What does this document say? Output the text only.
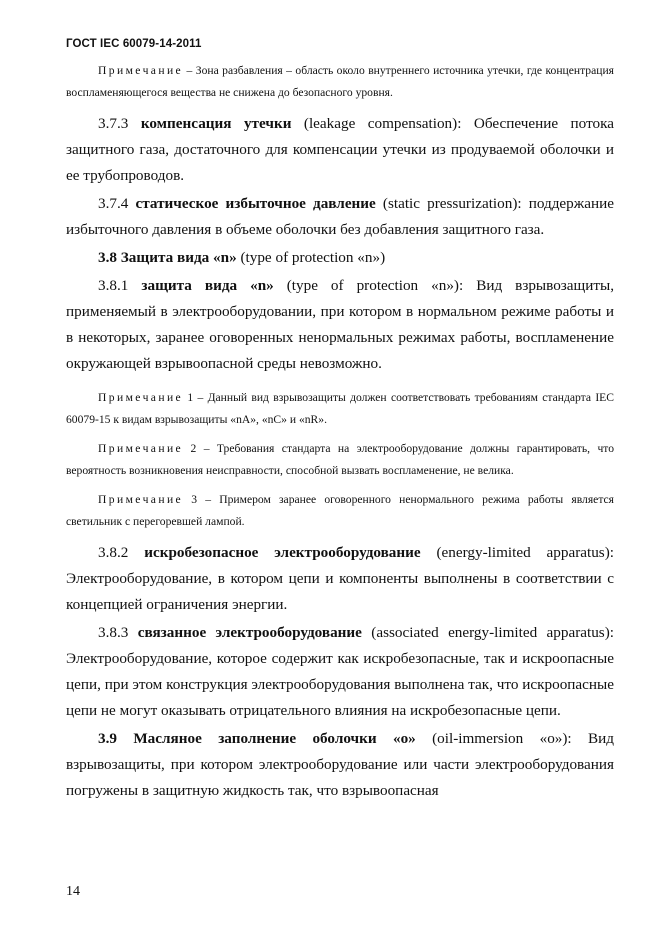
ГОСТ IEC 60079-14-2011

Примечание – Зона разбавления – область около внутреннего источника утечки, где концентрация воспламеняющегося вещества не снижена до безопасного уровня.

3.7.3 компенсация утечки (leakage compensation): Обеспечение потока защитного газа, достаточного для компенсации утечки из продуваемой оболочки и ее трубопроводов.

3.7.4 статическое избыточное давление (static pressurization): поддержание избыточного давления в объеме оболочки без добавления защитного газа.

3.8 Защита вида «n» (type of protection «n»)

3.8.1 защита вида «n» (type of protection «n»): Вид взрывозащиты, применяемый в электрооборудовании, при котором в нормальном режиме работы и в некоторых, заранее оговоренных ненормальных режимах работы, воспламенение окружающей взрывоопасной среды невозможно.

Примечание 1 – Данный вид взрывозащиты должен соответствовать требованиям стандарта IEC 60079-15 к видам взрывозащиты «nA», «nC» и «nR».

Примечание 2 – Требования стандарта на электрооборудование должны гарантировать, что вероятность возникновения неисправности, способной вызвать воспламенение, не велика.

Примечание 3 – Примером заранее оговоренного ненормального режима работы является светильник с перегоревшей лампой.

3.8.2 искробезопасное электрооборудование (energy-limited apparatus): Электрооборудование, в котором цепи и компоненты выполнены в соответствии с концепцией ограничения энергии.

3.8.3 связанное электрооборудование (associated energy-limited apparatus): Электрооборудование, которое содержит как искробезопасные, так и искроопасные цепи, при этом конструкция электрооборудования выполнена так, что искроопасные цепи не могут оказывать отрицательного влияния на искробезопасные цепи.

3.9 Масляное заполнение оболочки «о» (oil-immersion «о»): Вид взрывозащиты, при котором электрооборудование или части электрооборудования погружены в защитную жидкость так, что взрывоопасная

14
